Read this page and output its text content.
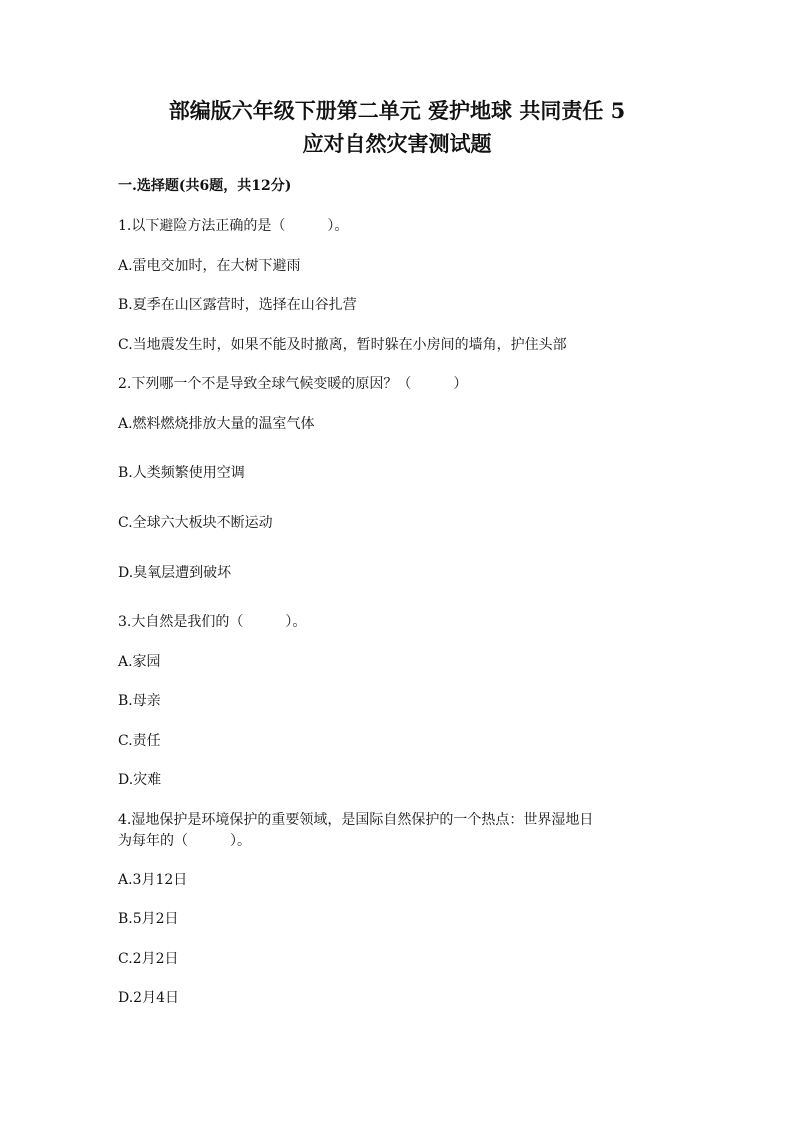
部编版六年级下册第二单元 爱护地球 共同责任 5
应对自然灾害测试题

一.选择题(共6题，共12分)

1.以下避险方法正确的是（　　　）。

A.雷电交加时，在大树下避雨

B.夏季在山区露营时，选择在山谷扎营

C.当地震发生时，如果不能及时撤离，暂时躲在小房间的墙角，护住头部

2.下列哪一个不是导致全球气候变暖的原因？（　　　）

A.燃料燃烧排放大量的温室气体

B.人类频繁使用空调

C.全球六大板块不断运动

D.臭氧层遭到破坏

3.大自然是我们的（　　　）。

A.家园

B.母亲

C.责任

D.灾难

4.湿地保护是环境保护的重要领域，是国际自然保护的一个热点：世界湿地日

为每年的（　　　）。

A.3月12日

B.5月2日

C.2月2日

D.2月4日
